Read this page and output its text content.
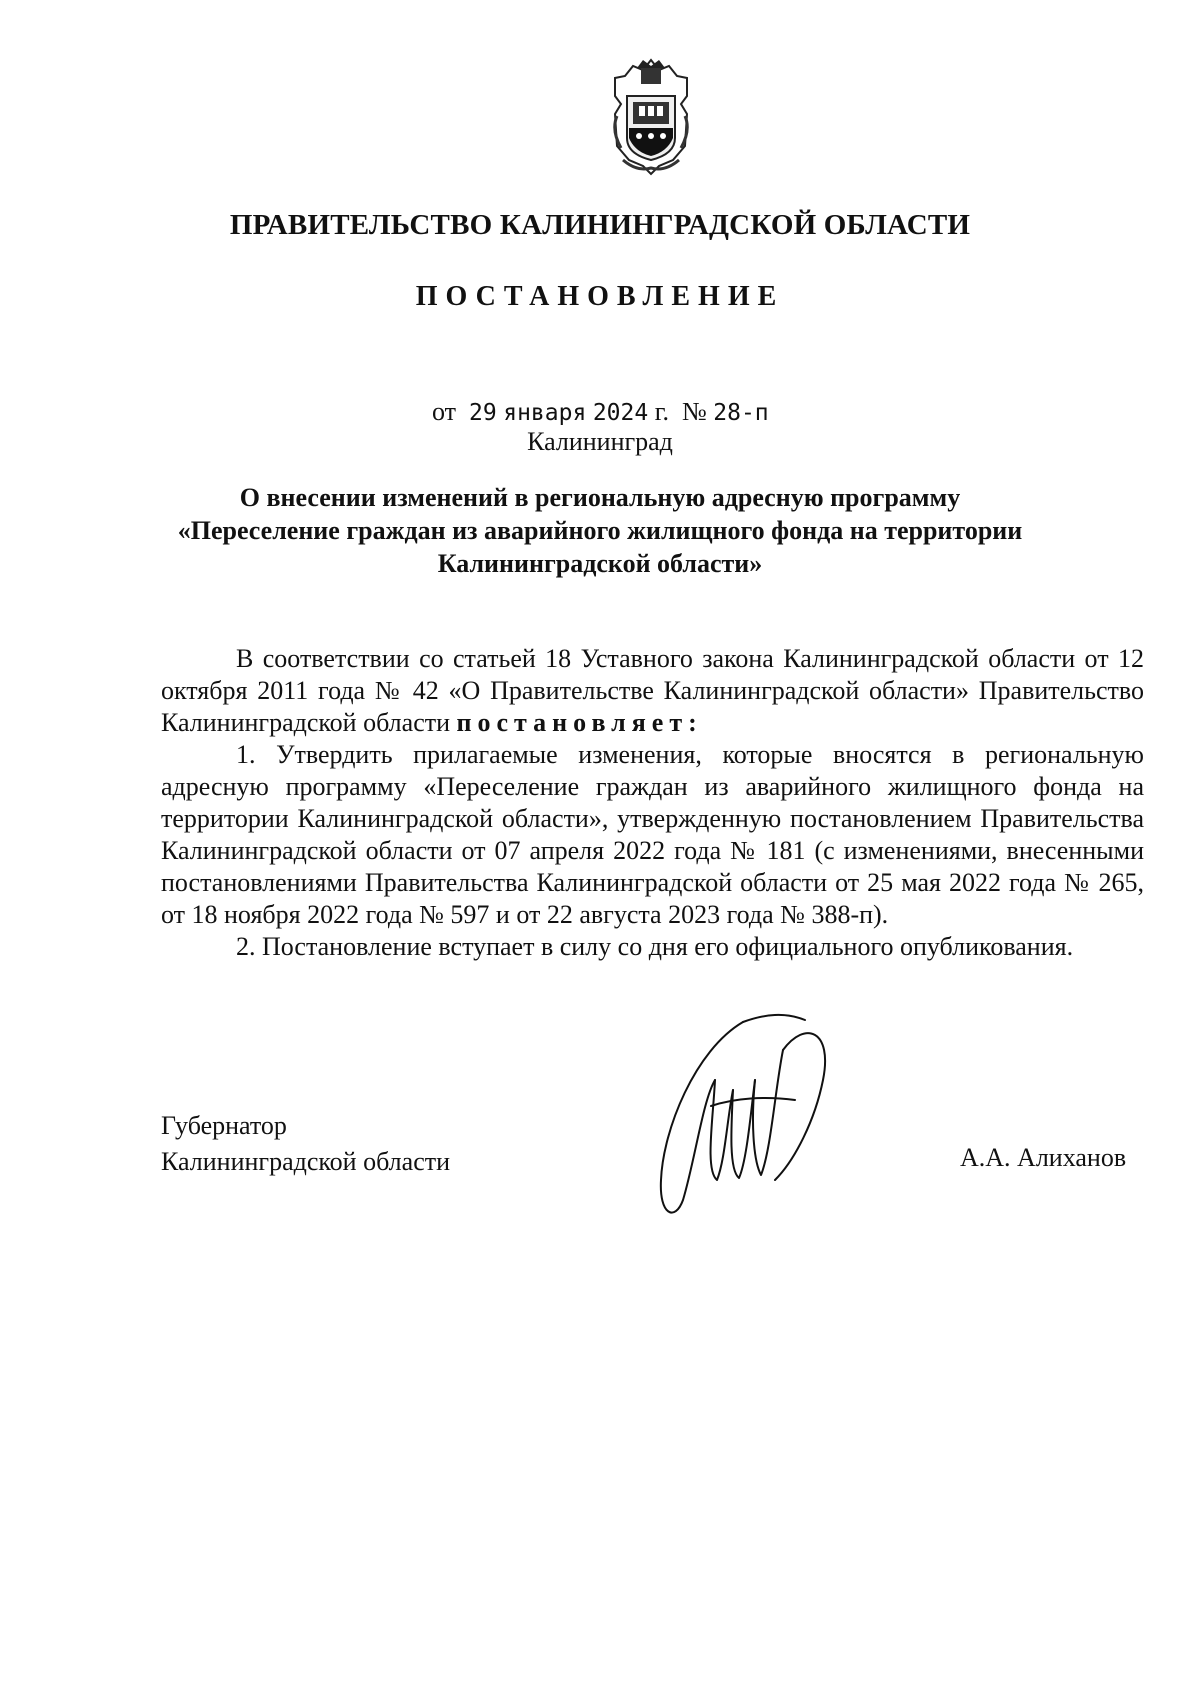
ПРАВИТЕЛЬСТВО КАЛИНИНГРАДСКОЙ ОБЛАСТИ
ПОСТАНОВЛЕНИЕ
от 29 января 2024 г. № 28-п
Калининград
О внесении изменений в региональную адресную программу
«Переселение граждан из аварийного жилищного фонда на территории
Калининградской области»

В соответствии со статьей 18 Уставного закона Калининградской области от 12 октября 2011 года № 42 «О Правительстве Калининградской области» Правительство Калининградской области постановляет:

1. Утвердить прилагаемые изменения, которые вносятся в региональную адресную программу «Переселение граждан из аварийного жилищного фонда на территории Калининградской области», утвержденную постановлением Правительства Калининградской области от 07 апреля 2022 года № 181 (с изменениями, внесенными постановлениями Правительства Калининградской области от 25 мая 2022 года № 265, от 18 ноября 2022 года № 597 и от 22 августа 2023 года № 388-п).

2. Постановление вступает в силу со дня его официального опубликования.

Губернатор
Калининградской области	А.А. Алиханов
